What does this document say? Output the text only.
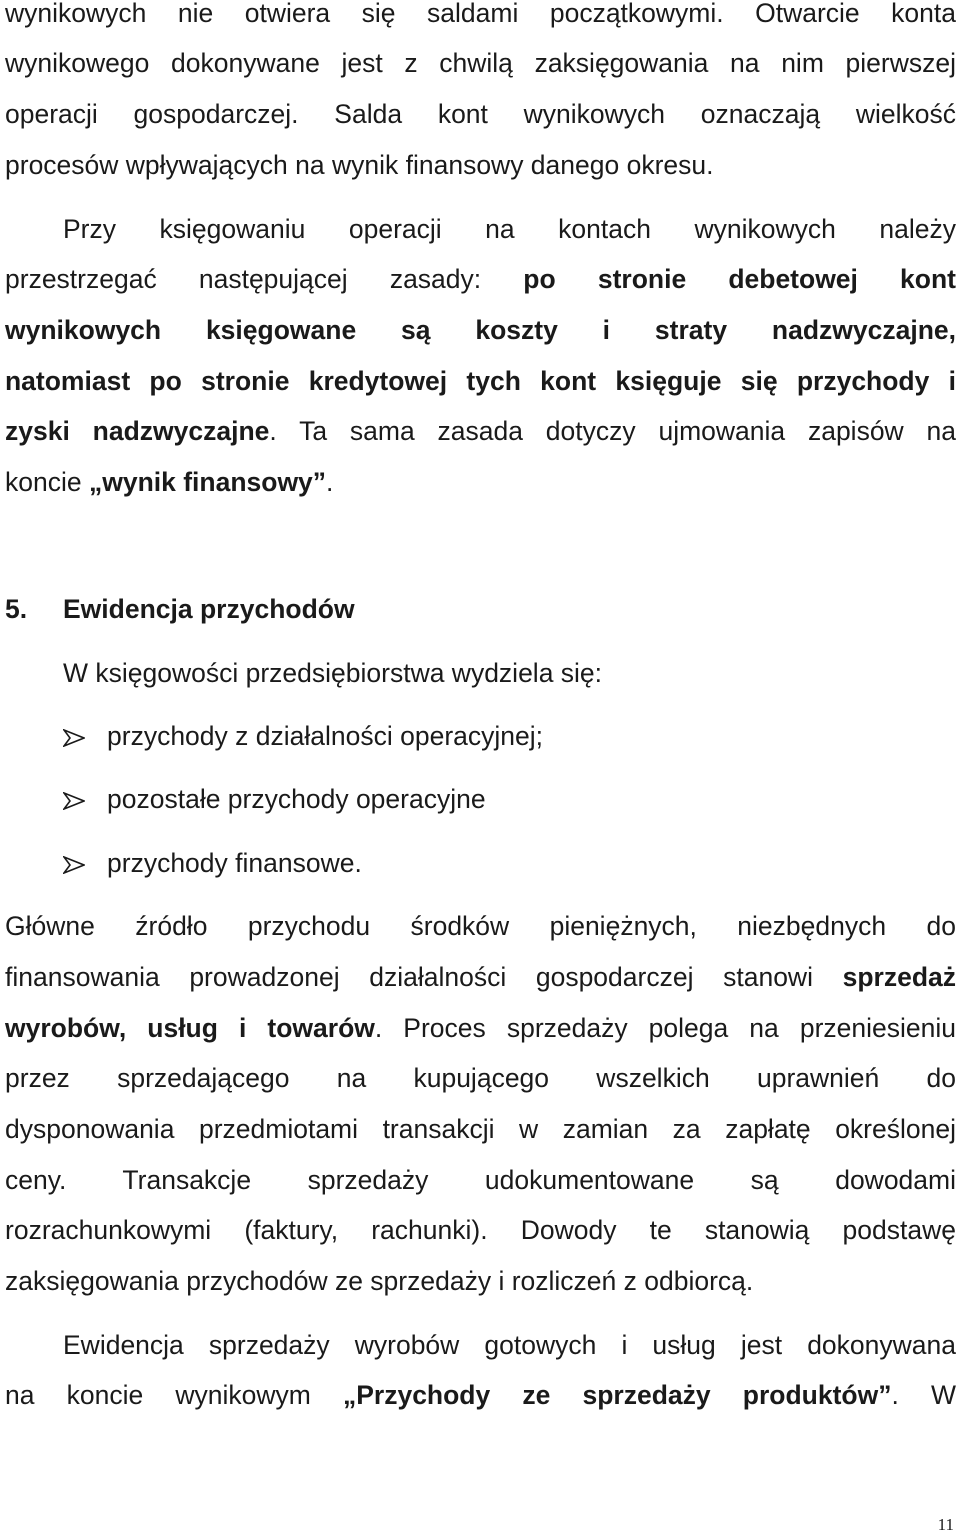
wynikowych nie otwiera się saldami początkowymi. Otwarcie konta
wynikowego dokonywane jest z chwilą zaksięgowania na nim pierwszej
operacji gospodarczej. Salda kont wynikowych oznaczają wielkość
procesów wpływających na wynik finansowy danego okresu.
Przy księgowaniu operacji na kontach wynikowych należy
przestrzegać następującej zasady: po stronie debetowej kont
wynikowych księgowane są koszty i straty nadzwyczajne,
natomiast po stronie kredytowej tych kont księguje się przychody i
zyski nadzwyczajne. Ta sama zasada dotyczy ujmowania zapisów na
koncie „wynik finansowy”.
5. Ewidencja przychodów
W księgowości przedsiębiorstwa wydziela się:
przychody z działalności operacyjnej;
pozostałe przychody operacyjne
przychody finansowe.
Główne źródło przychodu środków pieniężnych, niezbędnych do
finansowania prowadzonej działalności gospodarczej stanowi sprzedaż
wyrobów, usług i towarów. Proces sprzedaży polega na przeniesieniu
przez sprzedającego na kupującego wszelkich uprawnień do
dysponowania przedmiotami transakcji w zamian za zapłatę określonej
ceny. Transakcje sprzedaży udokumentowane są dowodami
rozrachunkowymi (faktury, rachunki). Dowody te stanowią podstawę
zaksięgowania przychodów ze sprzedaży i rozliczeń z odbiorcą.
Ewidencja sprzedaży wyrobów gotowych i usług jest dokonywana
na koncie wynikowym „Przychody ze sprzedaży produktów”. W
11
